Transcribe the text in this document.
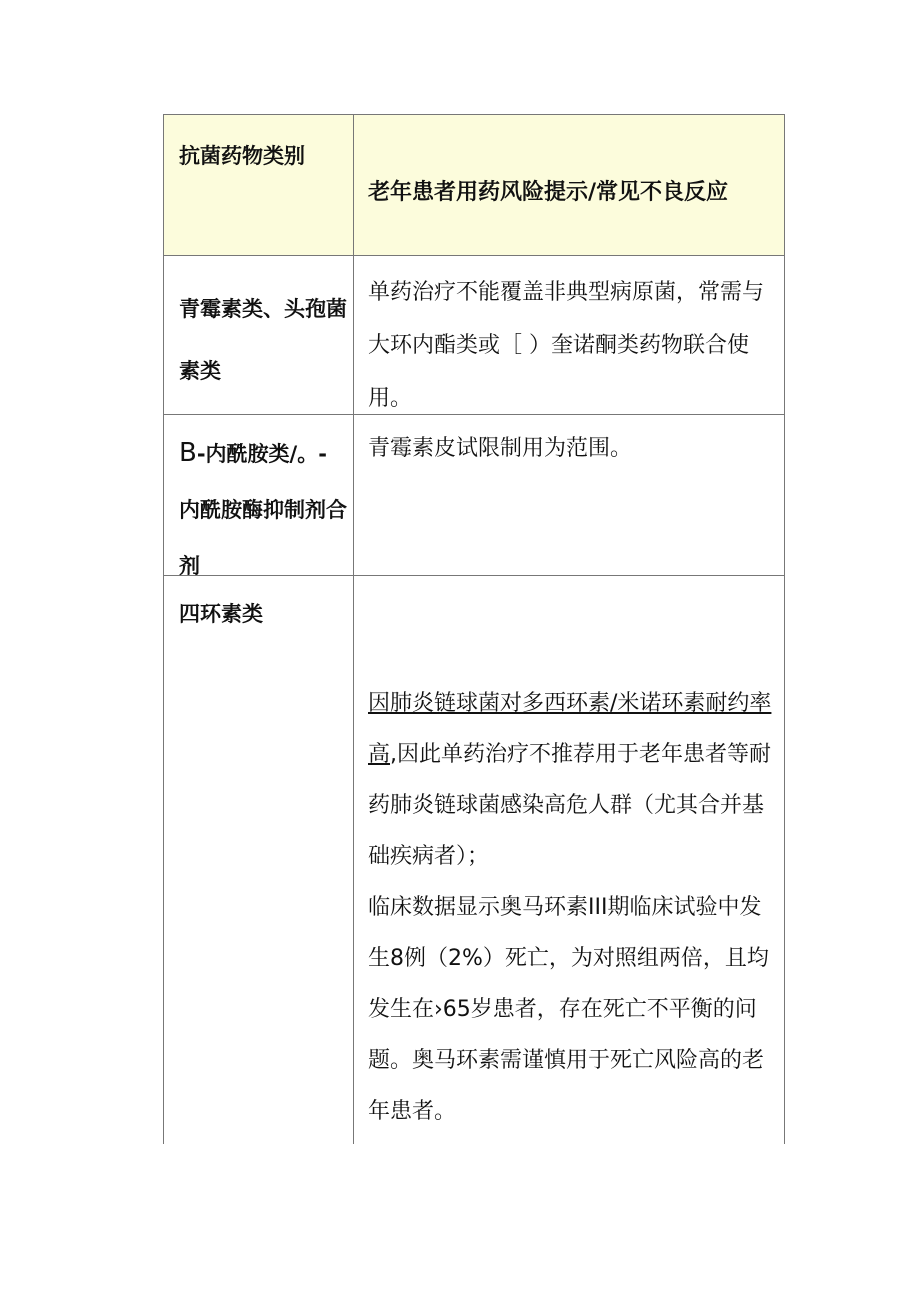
抗菌药物类别
老年患者用药风险提示/常见不良反应
青霉素类、头孢菌素类
单药治疗不能覆盖非典型病原菌，常需与大环内酯类或［ ）奎诺酮类药物联合使用。
B-内酰胺类/。-内酰胺酶抑制剂合剂
青霉素皮试限制用为范围。
四环素类
因肺炎链球菌对多西环素/米诺环素耐约率高,因此单药治疗不推荐用于老年患者等耐药肺炎链球菌感染高危人群（尤其合并基础疾病者）；
临床数据显示奥马环素III期临床试验中发生8例（2%）死亡，为对照组两倍，且均发生在›65岁患者，存在死亡不平衡的问题。奥马环素需谨慎用于死亡风险高的老年患者。
